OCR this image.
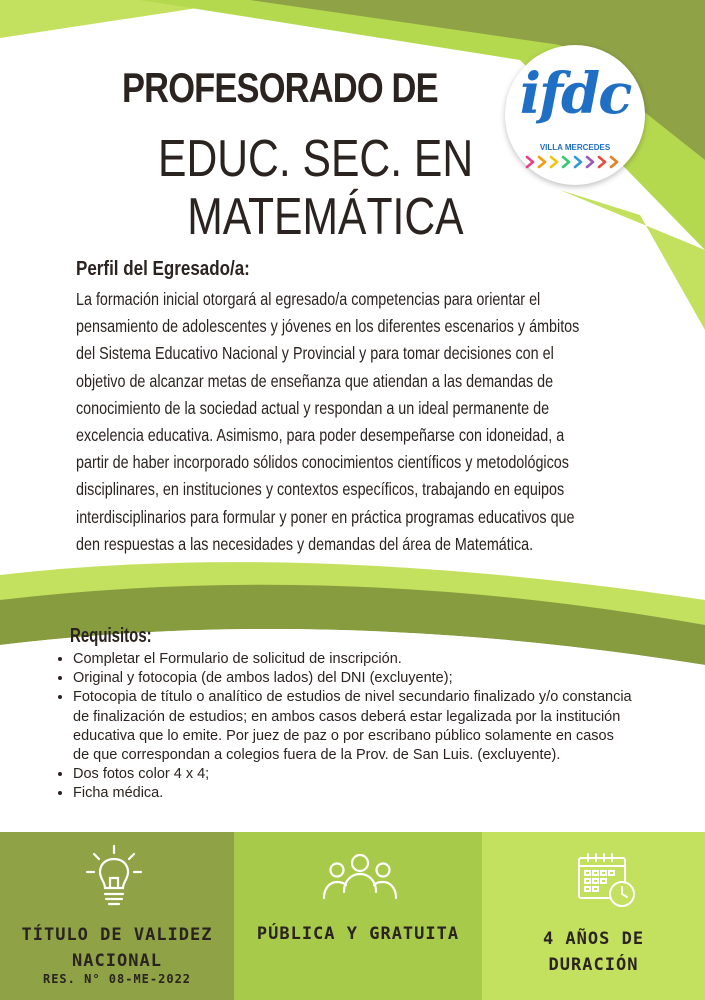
PROFESORADO DE
EDUC. SEC. EN
MATEMÁTICA
ifdc
VILLA MERCEDES
Perfil del Egresado/a:
La formación inicial otorgará al egresado/a competencias para orientar el
pensamiento de adolescentes y jóvenes en los diferentes escenarios y ámbitos
del Sistema Educativo Nacional y Provincial y para tomar decisiones con el
objetivo de alcanzar metas de enseñanza que atiendan a las demandas de
conocimiento de la sociedad actual y respondan a un ideal permanente de
excelencia educativa. Asimismo, para poder desempeñarse con idoneidad, a
partir de haber incorporado sólidos conocimientos científicos y metodológicos
disciplinares, en instituciones y contextos específicos, trabajando en equipos
interdisciplinarios para formular y poner en práctica programas educativos que
den respuestas a las necesidades y demandas del área de Matemática.
Requisitos:
• Completar el Formulario de solicitud de inscripción.
• Original y fotocopia (de ambos lados) del DNI (excluyente);
• Fotocopia de título o analítico de estudios de nivel secundario finalizado y/o constancia de finalización de estudios; en ambos casos deberá estar legalizada por la institución educativa que lo emite. Por juez de paz o por escribano público solamente en casos de que correspondan a colegios fuera de la Prov. de San Luis. (excluyente).
• Dos fotos color 4 x 4;
• Ficha médica.
TÍTULO DE VALIDEZ
NACIONAL
RES. N° 08-ME-2022
PÚBLICA Y GRATUITA	4 AÑOS DE
DURACIÓN
